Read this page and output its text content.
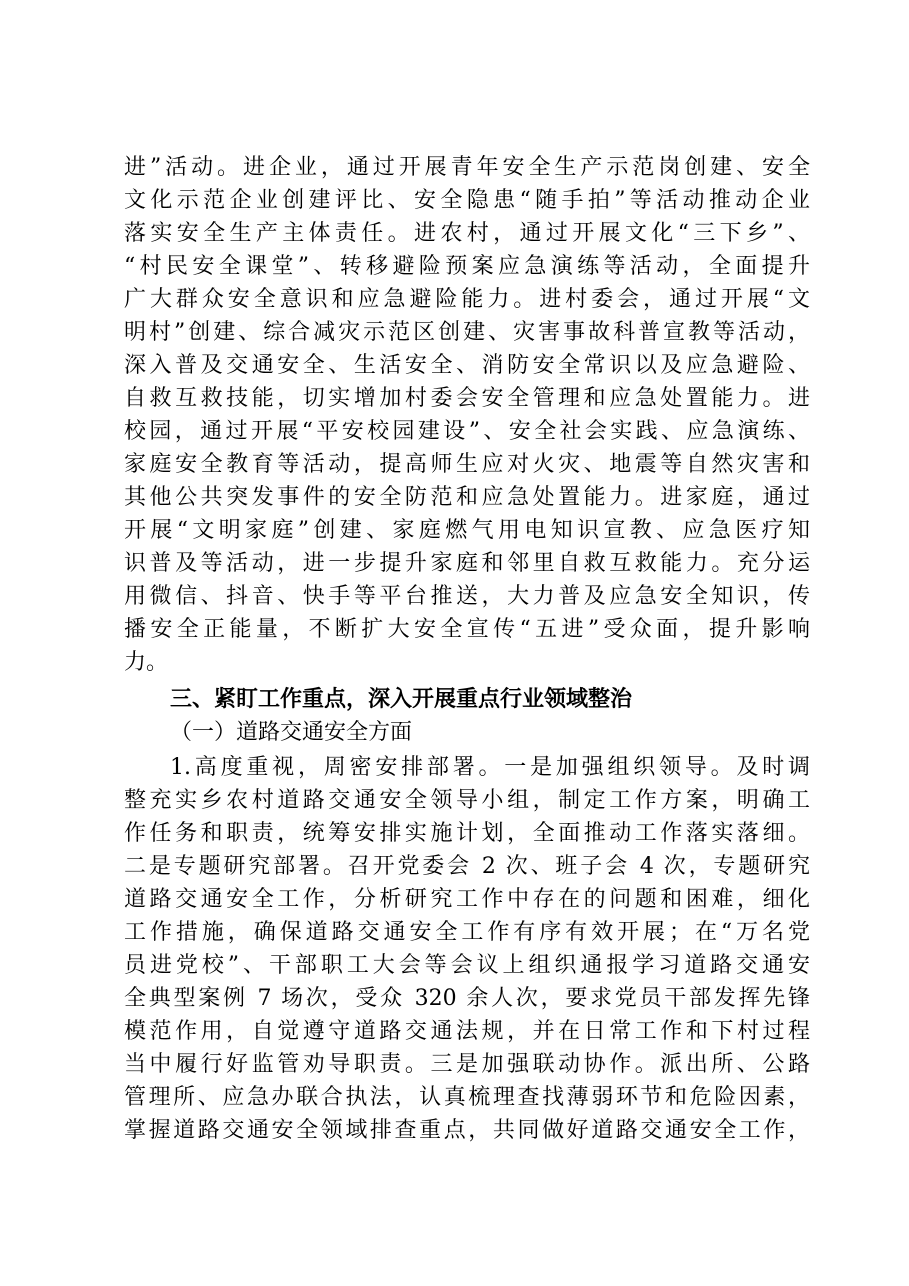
进”活动。进企业，通过开展青年安全生产示范岗创建、安全
文化示范企业创建评比、安全隐患“随手拍”等活动推动企业
落实安全生产主体责任。进农村，通过开展文化“三下乡”、
“村民安全课堂”、转移避险预案应急演练等活动，全面提升
广大群众安全意识和应急避险能力。进村委会，通过开展“文
明村”创建、综合减灾示范区创建、灾害事故科普宣教等活动，
深入普及交通安全、生活安全、消防安全常识以及应急避险、
自救互救技能，切实增加村委会安全管理和应急处置能力。进
校园，通过开展“平安校园建设”、安全社会实践、应急演练、
家庭安全教育等活动，提高师生应对火灾、地震等自然灾害和
其他公共突发事件的安全防范和应急处置能力。进家庭，通过
开展“文明家庭”创建、家庭燃气用电知识宣教、应急医疗知
识普及等活动，进一步提升家庭和邻里自救互救能力。充分运
用微信、抖音、快手等平台推送，大力普及应急安全知识，传
播安全正能量，不断扩大安全宣传“五进”受众面，提升影响
力。
三、紧盯工作重点，深入开展重点行业领域整治
（一）道路交通安全方面
1.高度重视，周密安排部署。一是加强组织领导。及时调
整充实乡农村道路交通安全领导小组，制定工作方案，明确工
作任务和职责，统筹安排实施计划，全面推动工作落实落细。
二是专题研究部署。召开党委会 2 次、班子会 4 次，专题研究
道路交通安全工作，分析研究工作中存在的问题和困难，细化
工作措施，确保道路交通安全工作有序有效开展；在“万名党
员进党校”、干部职工大会等会议上组织通报学习道路交通安
全典型案例 7 场次，受众 320 余人次，要求党员干部发挥先锋
模范作用，自觉遵守道路交通法规，并在日常工作和下村过程
当中履行好监管劝导职责。三是加强联动协作。派出所、公路
管理所、应急办联合执法，认真梳理查找薄弱环节和危险因素，
掌握道路交通安全领域排查重点，共同做好道路交通安全工作，
